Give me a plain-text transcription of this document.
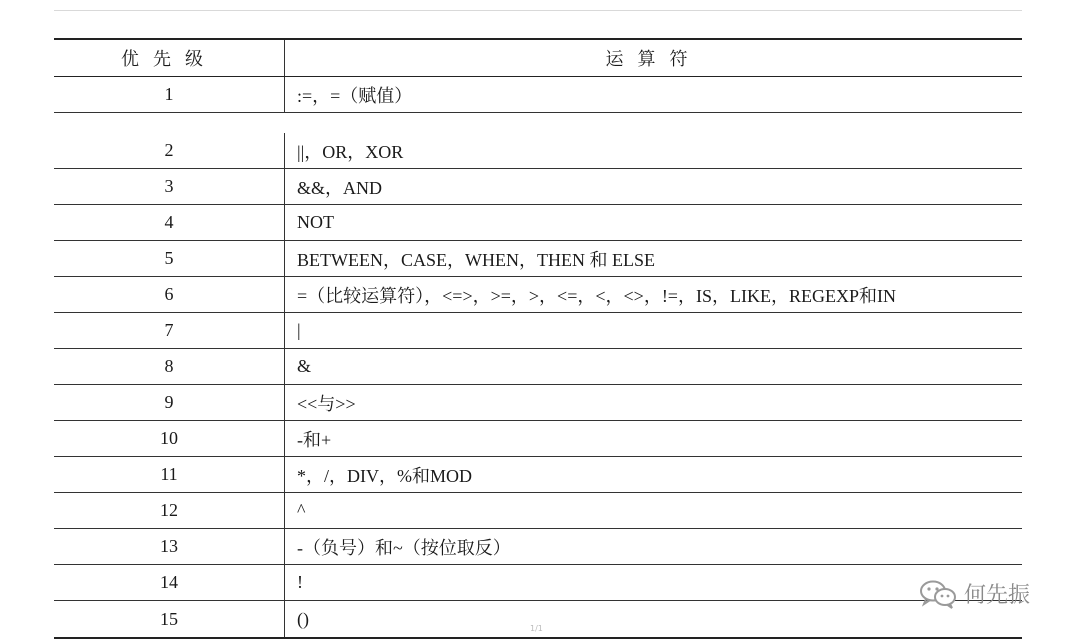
优先级	运算符
1	:=，=（赋值）
2	||，OR，XOR
3	&&，AND
4	NOT
5	BETWEEN，CASE，WHEN，THEN 和 ELSE
6	=（比较运算符），<=>，>=，>，<=，<，<>，!=，IS，LIKE，REGEXP和IN
7	|
8	&
9	<<与>>
10	-和+
11	*，/，DIV，%和MOD
12	^
13	-（负号）和~（按位取反）
14	!
15	()
何先振
1/1
